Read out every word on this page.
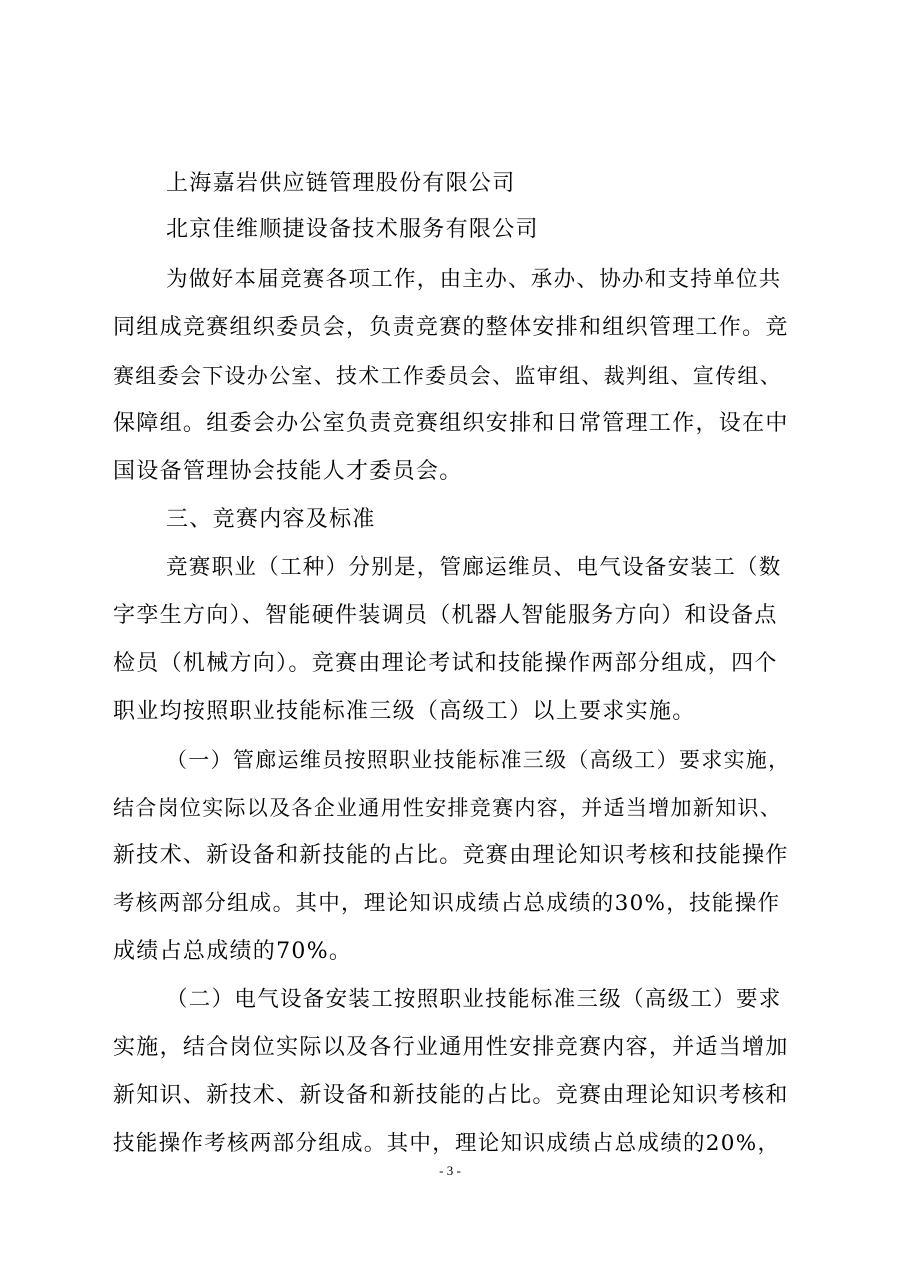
上海嘉岩供应链管理股份有限公司
北京佳维顺捷设备技术服务有限公司
为做好本届竞赛各项工作，由主办、承办、协办和支持单位共
同组成竞赛组织委员会，负责竞赛的整体安排和组织管理工作。竞
赛组委会下设办公室、技术工作委员会、监审组、裁判组、宣传组、
保障组。组委会办公室负责竞赛组织安排和日常管理工作，设在中
国设备管理协会技能人才委员会。
三、竞赛内容及标准
竞赛职业（工种）分别是，管廊运维员、电气设备安装工（数
字孪生方向）、智能硬件装调员（机器人智能服务方向）和设备点
检员（机械方向）。竞赛由理论考试和技能操作两部分组成，四个
职业均按照职业技能标准三级（高级工）以上要求实施。
（一）管廊运维员按照职业技能标准三级（高级工）要求实施，
结合岗位实际以及各企业通用性安排竞赛内容，并适当增加新知识、
新技术、新设备和新技能的占比。竞赛由理论知识考核和技能操作
考核两部分组成。其中，理论知识成绩占总成绩的30%，技能操作
成绩占总成绩的70%。
（二）电气设备安装工按照职业技能标准三级（高级工）要求
实施，结合岗位实际以及各行业通用性安排竞赛内容，并适当增加
新知识、新技术、新设备和新技能的占比。竞赛由理论知识考核和
技能操作考核两部分组成。其中，理论知识成绩占总成绩的20%，
- 3 -
